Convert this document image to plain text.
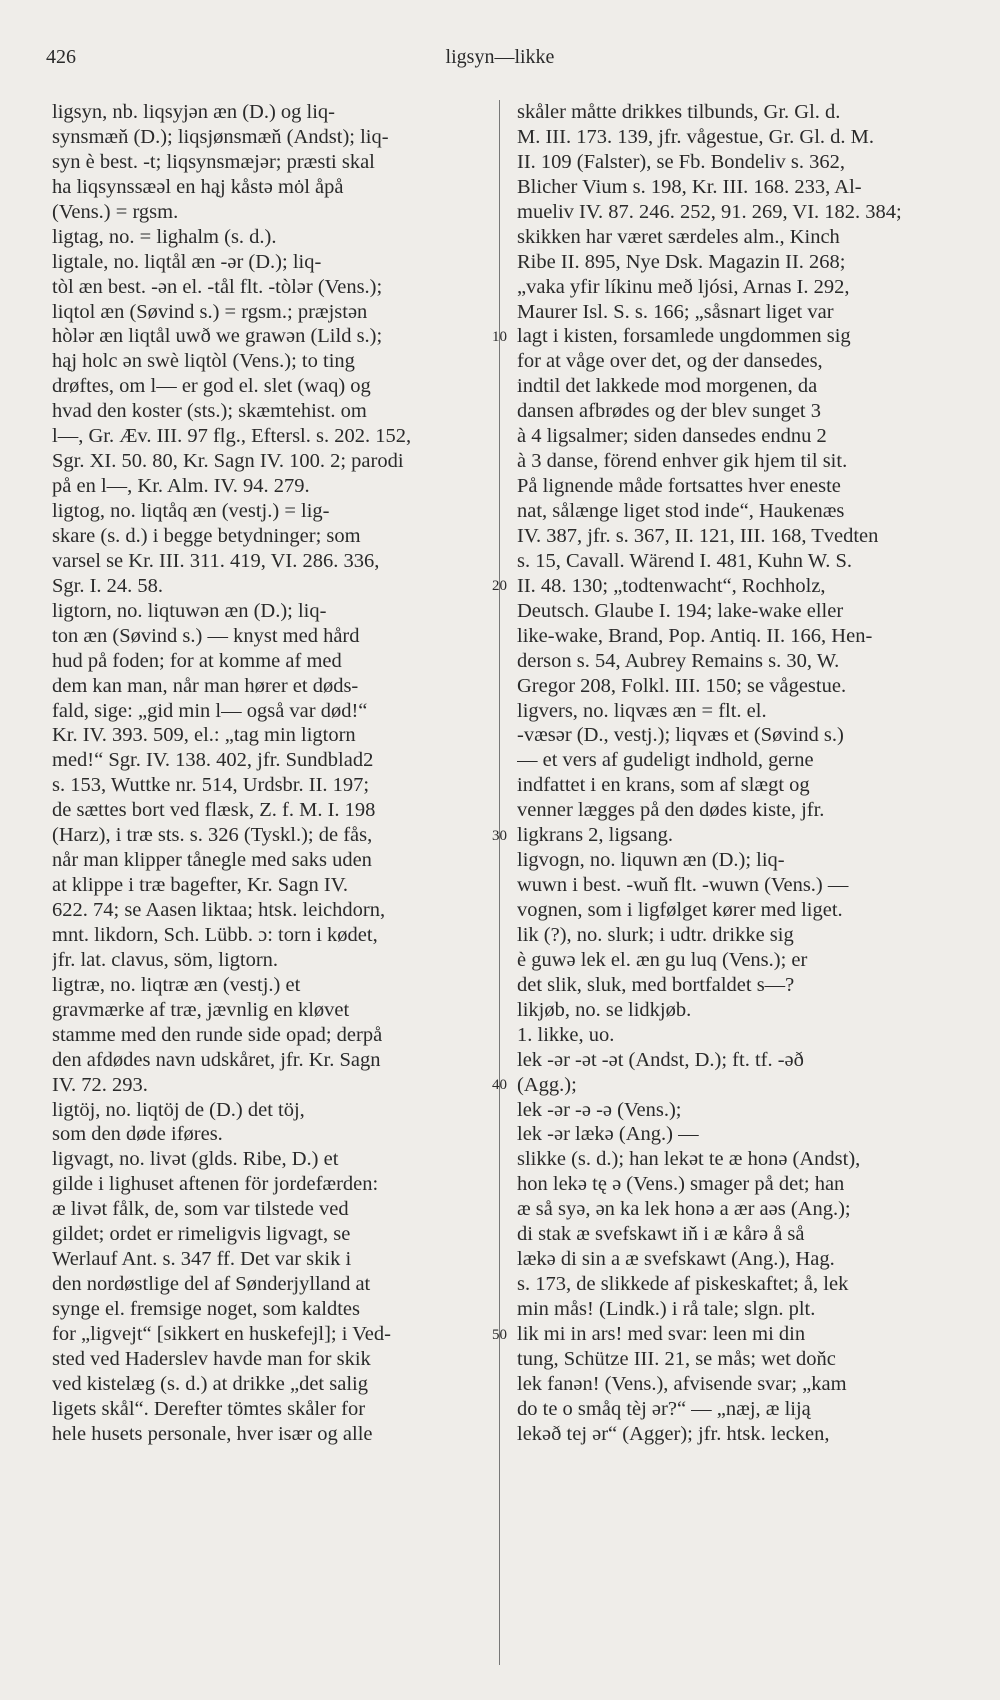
426	ligsyn—likke
ligsyn, nb. liqsyjən æn (D.) og liq-
synsmæň (D.); liqsjønsmæň (Andst); liq-
syn è best. -t; liqsynsmæjər; præsti skal
ha liqsynssæəl en hąj kåstə mȯl åpå
(Vens.) = rgsm.
ligtag, no. = lighalm (s. d.).
ligtale, no. liqtål æn -ər (D.); liq-
tòl æn best. -ən el. -tål flt. -tòlər (Vens.);
liqtol æn (Søvind s.) = rgsm.; præjstən
hòlər æn liqtål uwð we grawən (Lild s.);
hąj holc ən swè liqtòl (Vens.); to ting
drøftes, om l— er god el. slet (waq) og
hvad den koster (sts.); skæmtehist. om
l—, Gr. Æv. III. 97 flg., Eftersl. s. 202. 152,
Sgr. XI. 50. 80, Kr. Sagn IV. 100. 2; parodi
på en l—, Kr. Alm. IV. 94. 279.
ligtog, no. liqtåq æn (vestj.) = lig-
skare (s. d.) i begge betydninger; som
varsel se Kr. III. 311. 419, VI. 286. 336,
Sgr. I. 24. 58.
ligtorn, no. liqtuwən æn (D.); liq-
ton æn (Søvind s.) — knyst med hård
hud på foden; for at komme af med
dem kan man, når man hører et døds-
fald, sige: „gid min l— også var død!“
Kr. IV. 393. 509, el.: „tag min ligtorn
med!“ Sgr. IV. 138. 402, jfr. Sundblad2
s. 153, Wuttke nr. 514, Urdsbr. II. 197;
de sættes bort ved flæsk, Z. f. M. I. 198
(Harz), i træ sts. s. 326 (Tyskl.); de fås,
når man klipper tånegle med saks uden
at klippe i træ bagefter, Kr. Sagn IV.
622. 74; se Aasen liktaa; htsk. leichdorn,
mnt. likdorn, Sch. Lübb. ɔ: torn i kødet,
jfr. lat. clavus, söm, ligtorn.
ligtræ, no. liqtræ æn (vestj.) et
gravmærke af træ, jævnlig en kløvet
stamme med den runde side opad; derpå
den afdødes navn udskåret, jfr. Kr. Sagn
IV. 72. 293.
ligtöj, no. liqtöj de (D.) det töj,
som den døde iføres.
ligvagt, no. livət (glds. Ribe, D.) et
gilde i lighuset aftenen för jordefærden:
æ livət fålk, de, som var tilstede ved
gildet; ordet er rimeligvis ligvagt, se
Werlauf Ant. s. 347 ff. Det var skik i
den nordøstlige del af Sønderjylland at
synge el. fremsige noget, som kaldtes
for „ligvejt“ [sikkert en huskefejl]; i Ved-
sted ved Haderslev havde man for skik
ved kistelæg (s. d.) at drikke „det salig
ligets skål“. Derefter tömtes skåler for
hele husets personale, hver især og alle
skåler måtte drikkes tilbunds, Gr. Gl. d.
M. III. 173. 139, jfr. vågestue, Gr. Gl. d. M.
II. 109 (Falster), se Fb. Bondeliv s. 362,
Blicher Vium s. 198, Kr. III. 168. 233, Al-
mueliv IV. 87. 246. 252, 91. 269, VI. 182. 384;
skikken har været særdeles alm., Kinch
Ribe II. 895, Nye Dsk. Magazin II. 268;
„vaka yfir líkinu með ljósi, Arnas I. 292,
Maurer Isl. S. s. 166; „såsnart liget var
lagt i kisten, forsamlede ungdommen sig
for at våge over det, og der dansedes,
indtil det lakkede mod morgenen, da
dansen afbrødes og der blev sunget 3
à 4 ligsalmer; siden dansedes endnu 2
à 3 danse, förend enhver gik hjem til sit.
På lignende måde fortsattes hver eneste
nat, sålænge liget stod inde“, Haukenæs
IV. 387, jfr. s. 367, II. 121, III. 168, Tvedten
s. 15, Cavall. Wärend I. 481, Kuhn W. S.
II. 48. 130; „todtenwacht“, Rochholz,
Deutsch. Glaube I. 194; lake-wake eller
like-wake, Brand, Pop. Antiq. II. 166, Hen-
derson s. 54, Aubrey Remains s. 30, W.
Gregor 208, Folkl. III. 150; se vågestue.
ligvers, no. liqvæs æn = flt. el.
-væsər (D., vestj.); liqvæs et (Søvind s.)
— et vers af gudeligt indhold, gerne
indfattet i en krans, som af slægt og
venner lægges på den dødes kiste, jfr.
ligkrans 2, ligsang.
ligvogn, no. liquwn æn (D.); liq-
wuwn i best. -wuň flt. -wuwn (Vens.) —
vognen, som i ligfølget kører med liget.
lik (?), no. slurk; i udtr. drikke sig
è guwə lek el. æn gu luq (Vens.); er
det slik, sluk, med bortfaldet s—?
likjøb, no. se lidkjøb.
1. likke, uo.
lek -ər -ət -ət (Andst, D.); ft. tf. -əð
(Agg.);
lek -ər -ə -ə (Vens.);
lek -ər lækə (Ang.) —
slikke (s. d.); han lekət te æ honə (Andst),
hon lekə tę ə (Vens.) smager på det; han
æ så syə, ən ka lek honə a ær aəs (Ang.);
di stak æ svefskawt iň i æ kårə å så
lækə di sin a æ svefskawt (Ang.), Hag.
s. 173, de slikkede af piskeskaftet; å, lek
min mås! (Lindk.) i rå tale; slgn. plt.
lik mi in ars! med svar: leen mi din
tung, Schütze III. 21, se mås; wet doňc
lek fanən! (Vens.), afvisende svar; „kam
do te o småq tèj ər?“ — „næj, æ liją
lekəð tej ər“ (Agger); jfr. htsk. lecken,
10
20
30
40
50
